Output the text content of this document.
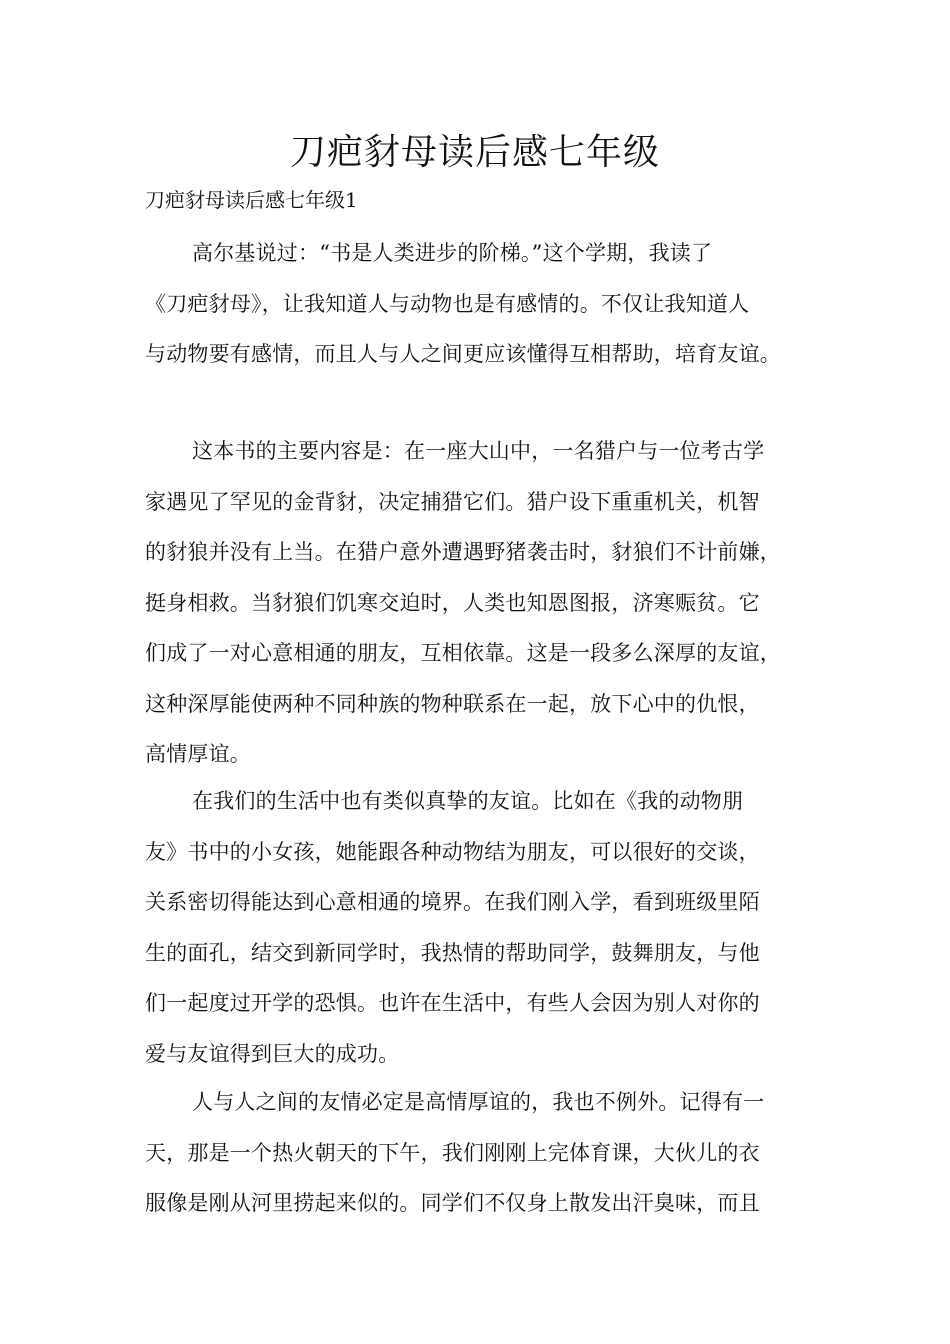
刀疤豺母读后感七年级

刀疤豺母读后感七年级1

高尔基说过：“书是人类进步的阶梯。”这个学期，我读了
《刀疤豺母》，让我知道人与动物也是有感情的。不仅让我知道人
与动物要有感情，而且人与人之间更应该懂得互相帮助，培育友谊。

这本书的主要内容是：在一座大山中，一名猎户与一位考古学
家遇见了罕见的金背豺，决定捕猎它们。猎户设下重重机关，机智
的豺狼并没有上当。在猎户意外遭遇野猪袭击时，豺狼们不计前嫌，
挺身相救。当豺狼们饥寒交迫时，人类也知恩图报，济寒赈贫。它
们成了一对心意相通的朋友，互相依靠。这是一段多么深厚的友谊，
这种深厚能使两种不同种族的物种联系在一起，放下心中的仇恨，
高情厚谊。

在我们的生活中也有类似真挚的友谊。比如在《我的动物朋
友》书中的小女孩，她能跟各种动物结为朋友，可以很好的交谈，
关系密切得能达到心意相通的境界。在我们刚入学，看到班级里陌
生的面孔，结交到新同学时，我热情的帮助同学，鼓舞朋友，与他
们一起度过开学的恐惧。也许在生活中，有些人会因为别人对你的
爱与友谊得到巨大的成功。

人与人之间的友情必定是高情厚谊的，我也不例外。记得有一
天，那是一个热火朝天的下午，我们刚刚上完体育课，大伙儿的衣
服像是刚从河里捞起来似的。同学们不仅身上散发出汗臭味，而且
